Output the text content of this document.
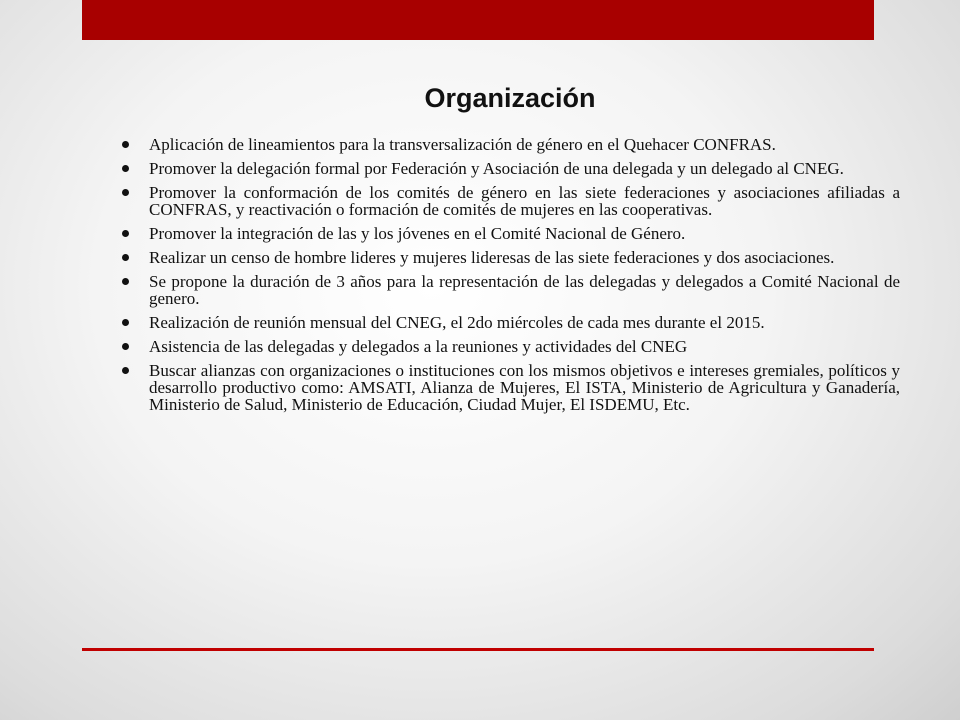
Organización
Aplicación de lineamientos para la transversalización de género en el Quehacer CONFRAS.
Promover la delegación formal por Federación y Asociación de una delegada y un delegado al CNEG.
Promover la conformación de los comités de género en las siete federaciones y asociaciones afiliadas a CONFRAS, y reactivación o formación de comités de mujeres en las cooperativas.
Promover la integración de las y los jóvenes en el Comité Nacional de Género.
Realizar un censo de hombre lideres y mujeres lideresas de las siete federaciones y dos asociaciones.
Se propone la duración de 3 años para la representación de las delegadas y delegados a Comité Nacional de genero.
Realización de reunión mensual del CNEG, el 2do miércoles de cada mes durante el 2015.
Asistencia de las delegadas y delegados a la reuniones y actividades del CNEG
Buscar alianzas con organizaciones o instituciones con los mismos objetivos e intereses gremiales, políticos y desarrollo productivo como: AMSATI, Alianza de Mujeres, El ISTA, Ministerio de Agricultura y Ganadería, Ministerio de Salud, Ministerio de Educación, Ciudad Mujer, El ISDEMU, Etc.
